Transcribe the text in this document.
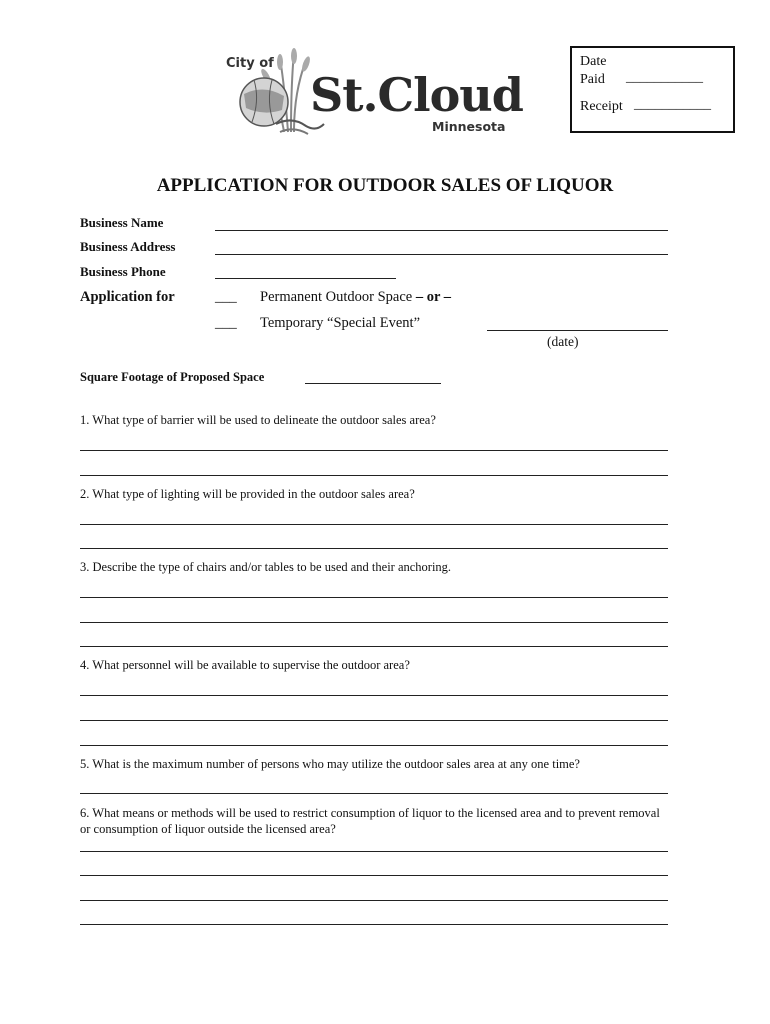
City of
St.Cloud
Minnesota
Date
Paid ___________
Receipt ___________
APPLICATION FOR OUTDOOR SALES OF LIQUOR
Business Name
Business Address
Business Phone
Application for	___ Permanent Outdoor Space – or –
___ Temporary “Special Event”
(date)
Square Footage of Proposed Space
1. What type of barrier will be used to delineate the outdoor sales area?
2. What type of lighting will be provided in the outdoor sales area?
3. Describe the type of chairs and/or tables to be used and their anchoring.
4. What personnel will be available to supervise the outdoor area?
5. What is the maximum number of persons who may utilize the outdoor sales area at any one time?
6. What means or methods will be used to restrict consumption of liquor to the licensed area and to prevent removal or consumption of liquor outside the licensed area?
